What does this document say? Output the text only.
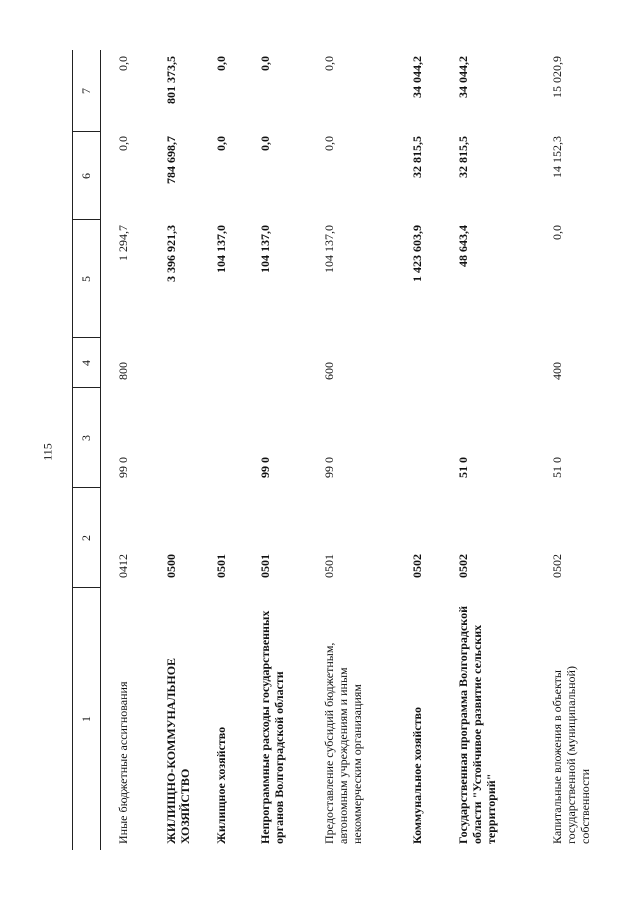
115
1
2
3
4
5
6
7
Иные бюджетные ассигнования
0412
99 0
800
1 294,7
0,0
0,0
ЖИЛИЩНО-КОММУНАЛЬНОЕ ХОЗЯЙСТВО
0500
3 396 921,3
784 698,7
801 373,5
Жилищное хозяйство
0501
104 137,0
0,0
0,0
Непрограммные расходы государственных органов Волгоградской области
0501
99 0
104 137,0
0,0
0,0
Предоставление субсидий бюджетным, автономным учреждениям и иным некоммерческим организациям
0501
99 0
600
104 137,0
0,0
0,0
Коммунальное хозяйство
0502
1 423 603,9
32 815,5
34 044,2
Государственная программа Волгоградской области "Устойчивое развитие сельских территорий"
0502
51 0
48 643,4
32 815,5
34 044,2
Капитальные вложения в объекты государственной (муниципальной) собственности
0502
51 0
400
0,0
14 152,3
15 020,9
